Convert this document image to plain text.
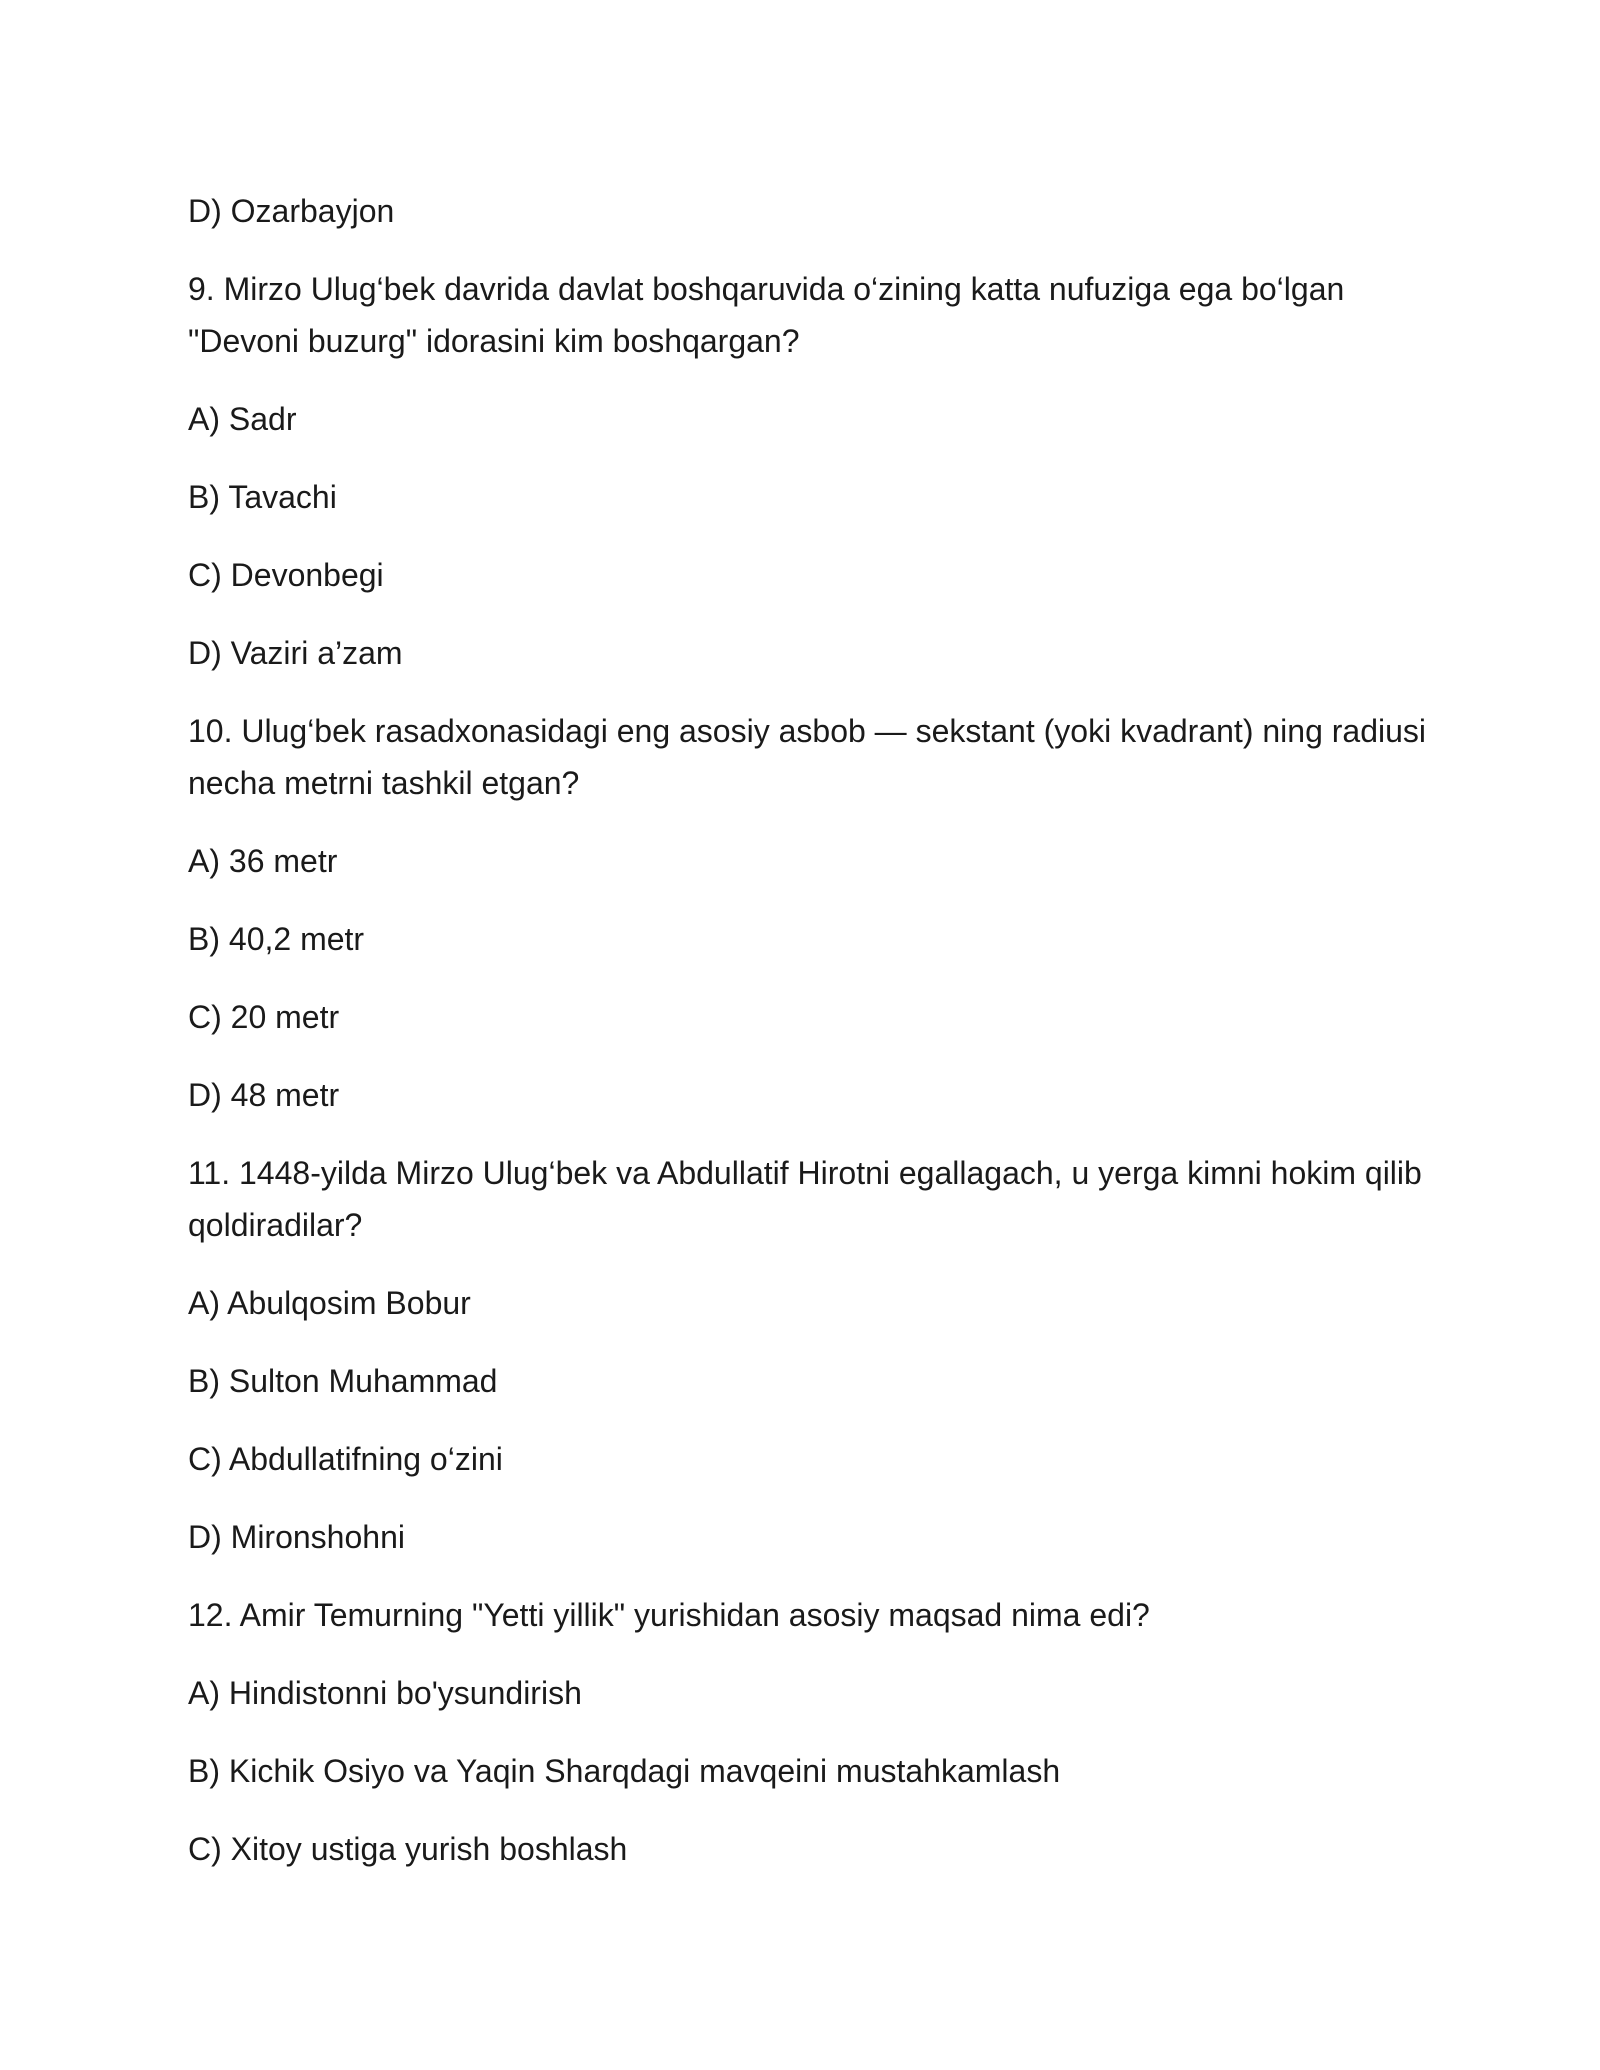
D) Ozarbayjon

9. Mirzo Ulug‘bek davrida davlat boshqaruvida o‘zining katta nufuziga ega bo‘lgan "Devoni buzurg" idorasini kim boshqargan?

A) Sadr

B) Tavachi

C) Devonbegi

D) Vaziri a’zam

10. Ulug‘bek rasadxonasidagi eng asosiy asbob — sekstant (yoki kvadrant) ning radiusi necha metrni tashkil etgan?

A) 36 metr

B) 40,2 metr

C) 20 metr

D) 48 metr

11. 1448-yilda Mirzo Ulug‘bek va Abdullatif Hirotni egallagach, u yerga kimni hokim qilib qoldiradilar?

A) Abulqosim Bobur

B) Sulton Muhammad

C) Abdullatifning o‘zini

D) Mironshohni

12. Amir Temurning "Yetti yillik" yurishidan asosiy maqsad nima edi?

A) Hindistonni bo'ysundirish

B) Kichik Osiyo va Yaqin Sharqdagi mavqeini mustahkamlash

C) Xitoy ustiga yurish boshlash
